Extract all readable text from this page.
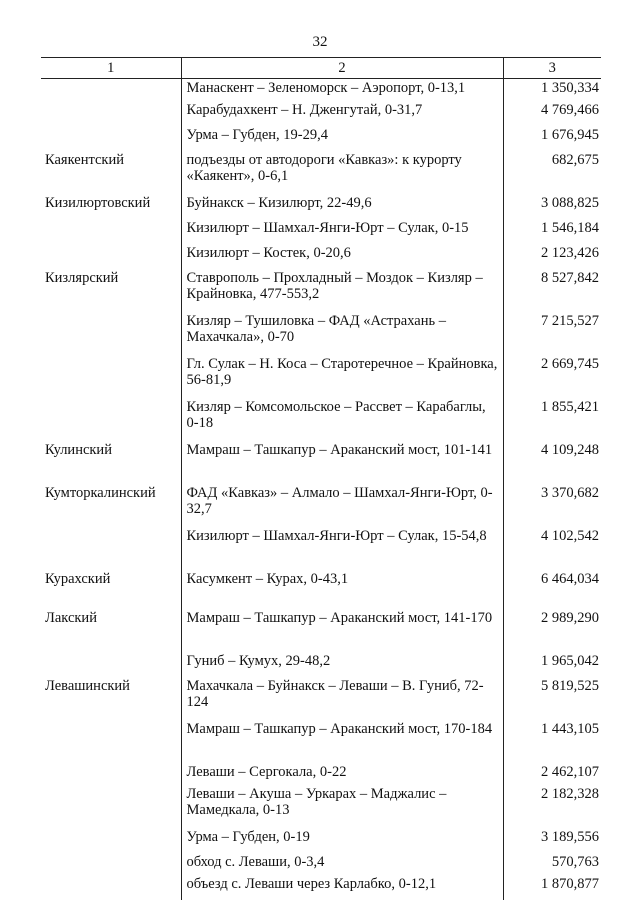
32
1	2	3
	Манаскент – Зеленоморск – Аэропорт, 0-13,1	1 350,334
	Карабудахкент – Н. Дженгутай, 0-31,7	4 769,466
	Урма – Губден, 19-29,4	1 676,945
Каякентский	подъезды от автодороги «Кавказ»: к курорту «Каякент», 0-6,1	682,675
Кизилюртовский	Буйнакск – Кизилюрт, 22-49,6	3 088,825
	Кизилюрт – Шамхал-Янги-Юрт – Сулак, 0-15	1 546,184
	Кизилюрт – Костек, 0-20,6	2 123,426
Кизлярский	Ставрополь – Прохладный – Моздок – Кизляр – Крайновка, 477-553,2	8 527,842
	Кизляр – Тушиловка – ФАД «Астрахань – Махачкала», 0-70	7 215,527
	Гл. Сулак – Н. Коса – Старотеречное – Крайновка, 56-81,9	2 669,745
	Кизляр – Комсомольское – Рассвет – Карабаглы, 0-18	1 855,421
Кулинский	Мамраш – Ташкапур – Араканский мост, 101-141	4 109,248
Кумторкалинский	ФАД «Кавказ» – Алмало – Шамхал-Янги-Юрт, 0-32,7	3 370,682
	Кизилюрт – Шамхал-Янги-Юрт – Сулак, 15-54,8	4 102,542
Курахский	Касумкент – Курах, 0-43,1	6 464,034
Лакский	Мамраш – Ташкапур – Араканский мост, 141-170	2 989,290
	Гуниб – Кумух, 29-48,2	1 965,042
Левашинский	Махачкала – Буйнакск – Леваши – В. Гуниб, 72-124	5 819,525
	Мамраш – Ташкапур – Араканский мост, 170-184	1 443,105
	Леваши – Сергокала, 0-22	2 462,107
	Леваши – Акуша – Уркарах – Маджалис – Мамедкала, 0-13	2 182,328
	Урма – Губден, 0-19	3 189,556
	обход с. Леваши, 0-3,4	570,763
	объезд с. Леваши через Карлабко, 0-12,1	1 870,877
